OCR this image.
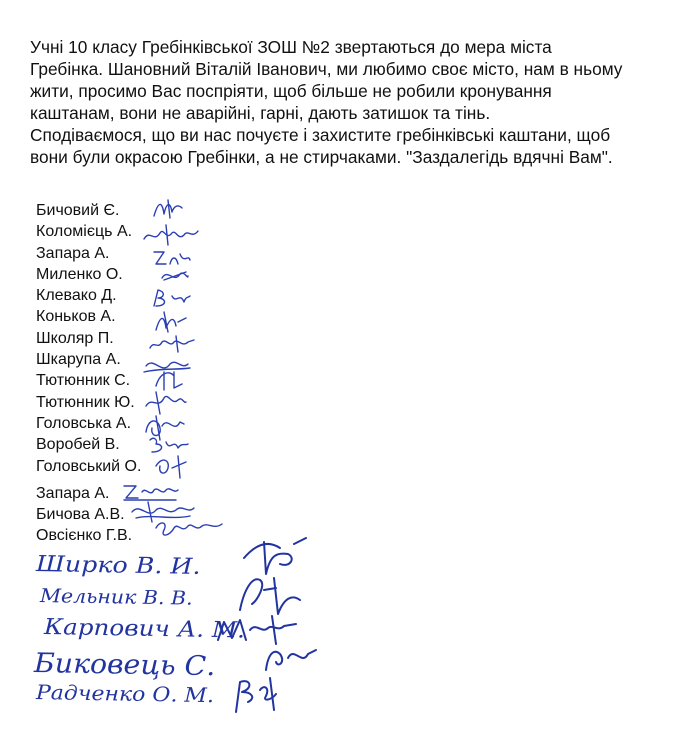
Учні 10 класу Гребінківської ЗОШ №2 звертаються до мера міста
Гребінка. Шановний Віталій Іванович, ми любимо своє місто, нам в ньому
жити, просимо Вас поспріяти, щоб більше не робили кронування
каштанам, вони не аварійні, гарні, дають затишок та тінь.
Сподіваємося, що ви нас почуєте і захистите гребінківські каштани, щоб
вони були окрасою Гребінки, а не стирчаками. "Заздалегідь вдячні Вам".

Бичовий Є.
Коломієць А.
Запара А.
Миленко О.
Клевако Д.
Коньков А.
Школяр П.
Шкарупа А.
Тютюнник С.
Тютюнник Ю.
Головська А.
Воробей В.
Головський О.
Запара А.
Бичова А.В.
Овсієнко Г.В.
Ширко В. И.
Мельник В. В.
Карпович А. М.
Биковець С.
Радченко О. М.
